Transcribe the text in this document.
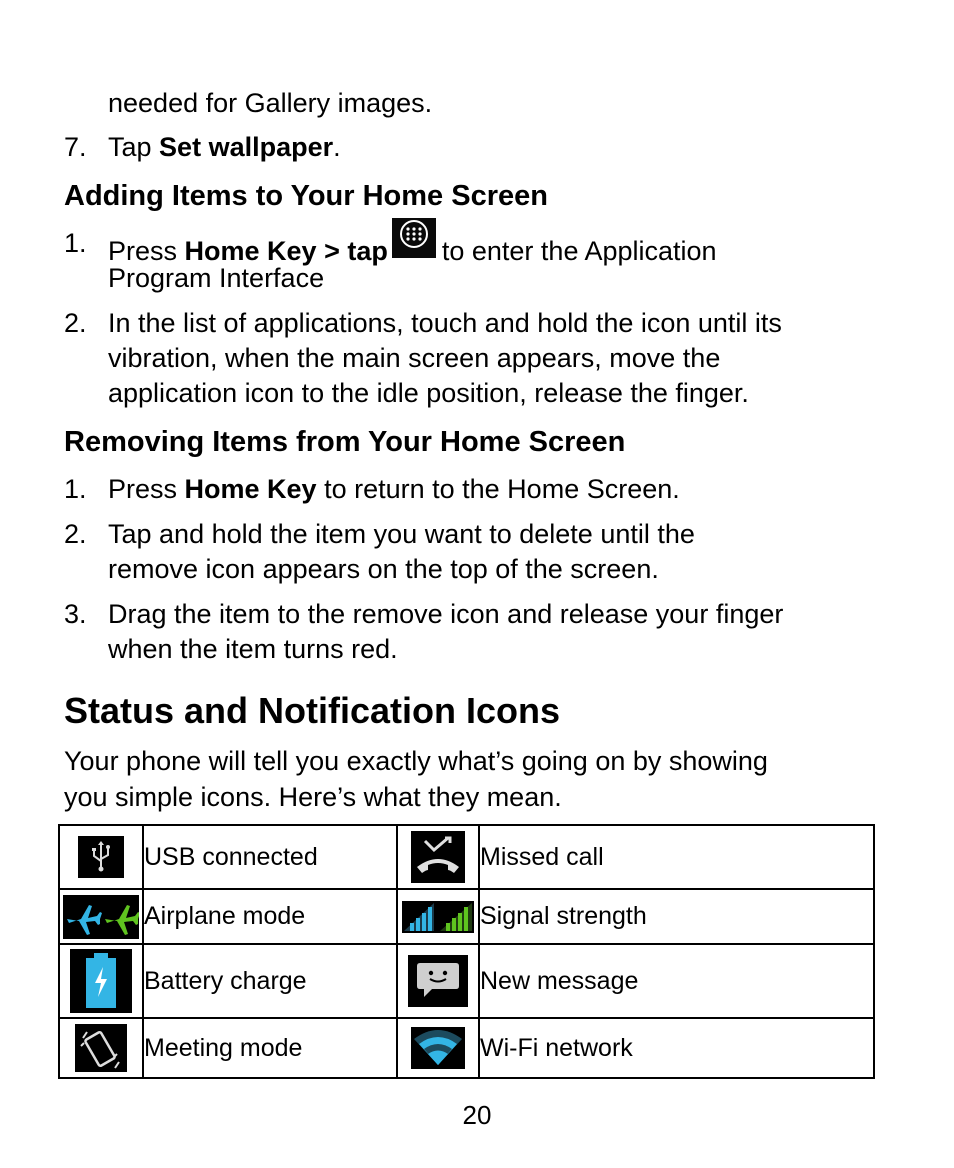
needed for Gallery images.
7. Tap Set wallpaper.
Adding Items to Your Home Screen
1. Press Home Key > tap to enter the Application
Program Interface
2. In the list of applications, touch and hold the icon until its
vibration, when the main screen appears, move the
application icon to the idle position, release the finger.
Removing Items from Your Home Screen
1. Press Home Key to return to the Home Screen.
2. Tap and hold the item you want to delete until the
remove icon appears on the top of the screen.
3. Drag the item to the remove icon and release your finger
when the item turns red.
Status and Notification Icons
Your phone will tell you exactly what’s going on by showing
you simple icons. Here’s what they mean.
	USB connected		Missed call

	Airplane mode		Signal strength

	Battery charge		New message

	Meeting mode		Wi-Fi network
20
